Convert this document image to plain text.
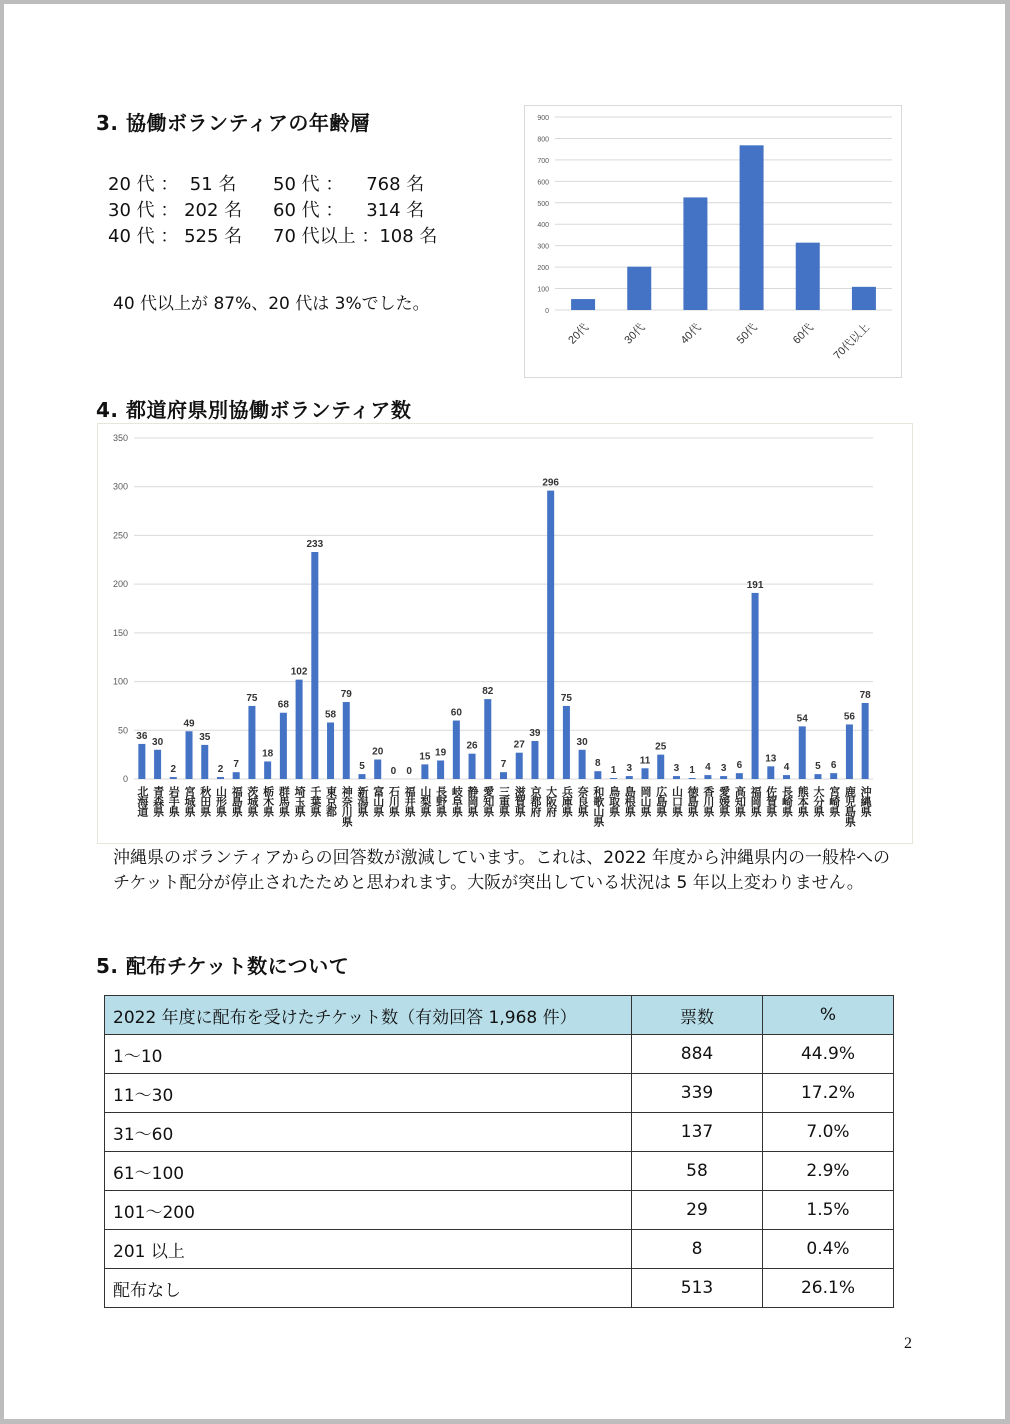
3. 協働ボランティアの年齢層
20 代 ：  51 名	50 代 ：    768 名
30 代 ： 202 名	60 代 ：    314 名
40 代 ： 525 名	70 代以上 ：108 名
40 代以上が 87%、20 代は 3%でした。	0
100
200
300
400
500
600
700
800
900
20代	30代	40代	50代	60代 70代以上
4. 都道府県別協働ボランティア数
0
50
100
150
200
250
300
350
36
30
2
49
35
2 7
75
18
68
102
233
58
79
5
20
0 0
15 19
60
26
82
7
27
39
296
75
30
8
1 3
11
25
3 1 4 3 6
191
13
4
54
5 6
56
78
北海道 青森県 岩手県 宮城県 秋田県 山形県 福島県 茨城県 栃木県 群馬県 埼玉県 千葉県 東京都 神奈川県 新潟県 富山県 石川県 福井県 山梨県 長野県 岐阜県 静岡県 愛知県 三重県 滋賀県 京都府 大阪府 兵庫県 奈良県 和歌山県 鳥取県 島根県 岡山県 広島県 山口県 徳島県 香川県 愛媛県 高知県 福岡県 佐賀県 長崎県 熊本県 大分県 宮崎県 鹿児島県 沖縄県
沖縄県のボランティアからの回答数が激減しています。これは、2022 年度から沖縄県内の一般枠へのチケット配分が停止されたためと思われます。大阪が突出している状況は 5 年以上変わりません。
5. 配布チケット数について
2022 年度に配布を受けたチケット数（有効回答 1,968 件）	票数	%
1～10	884	44.9%
11～30	339	17.2%
31～60	137	7.0%
61～100	58	2.9%
101～200	29	1.5%
201 以上	8	0.4%
配布なし	513	26.1%
2
